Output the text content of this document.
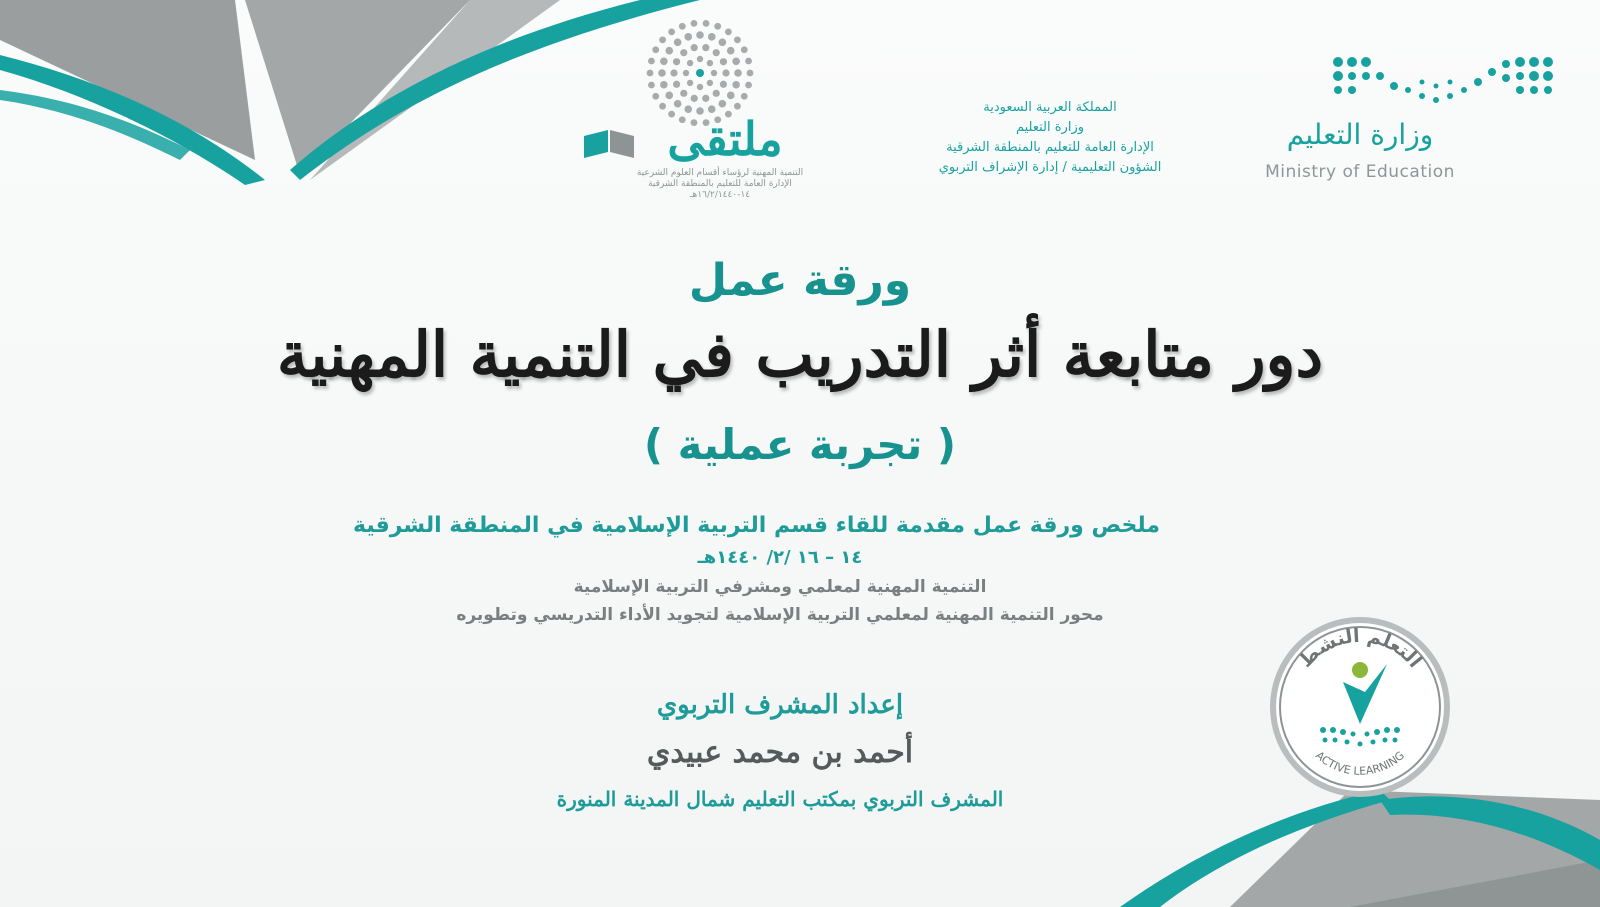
وزارة التعليم
Ministry of Education
المملكة العربية السعودية
وزارة التعليم
الإدارة العامة للتعليم بالمنطقة الشرقية
الشؤون التعليمية / إدارة الإشراف التربوي
ملتقى
التنمية المهنية لرؤساء أقسام العلوم الشرعية
الإدارة العامة للتعليم بالمنطقة الشرقية
١٤-١٦/٢/١٤٤٠هـ
ورقة عمل
دور متابعة أثر التدريب في التنمية المهنية
( تجربة عملية )
ملخص ورقة عمل مقدمة للقاء قسم التربية الإسلامية في المنطقة الشرقية
١٤ – ١٦ /٢/ ١٤٤٠هـ
التنمية المهنية لمعلمي ومشرفي التربية الإسلامية
محور التنمية المهنية لمعلمي التربية الإسلامية لتجويد الأداء التدريسي وتطويره
إعداد المشرف التربوي
أحمد بن محمد عبيدي
المشرف التربوي بمكتب التعليم شمال المدينة المنورة
التعلم النشط
ACTIVE LEARNING
